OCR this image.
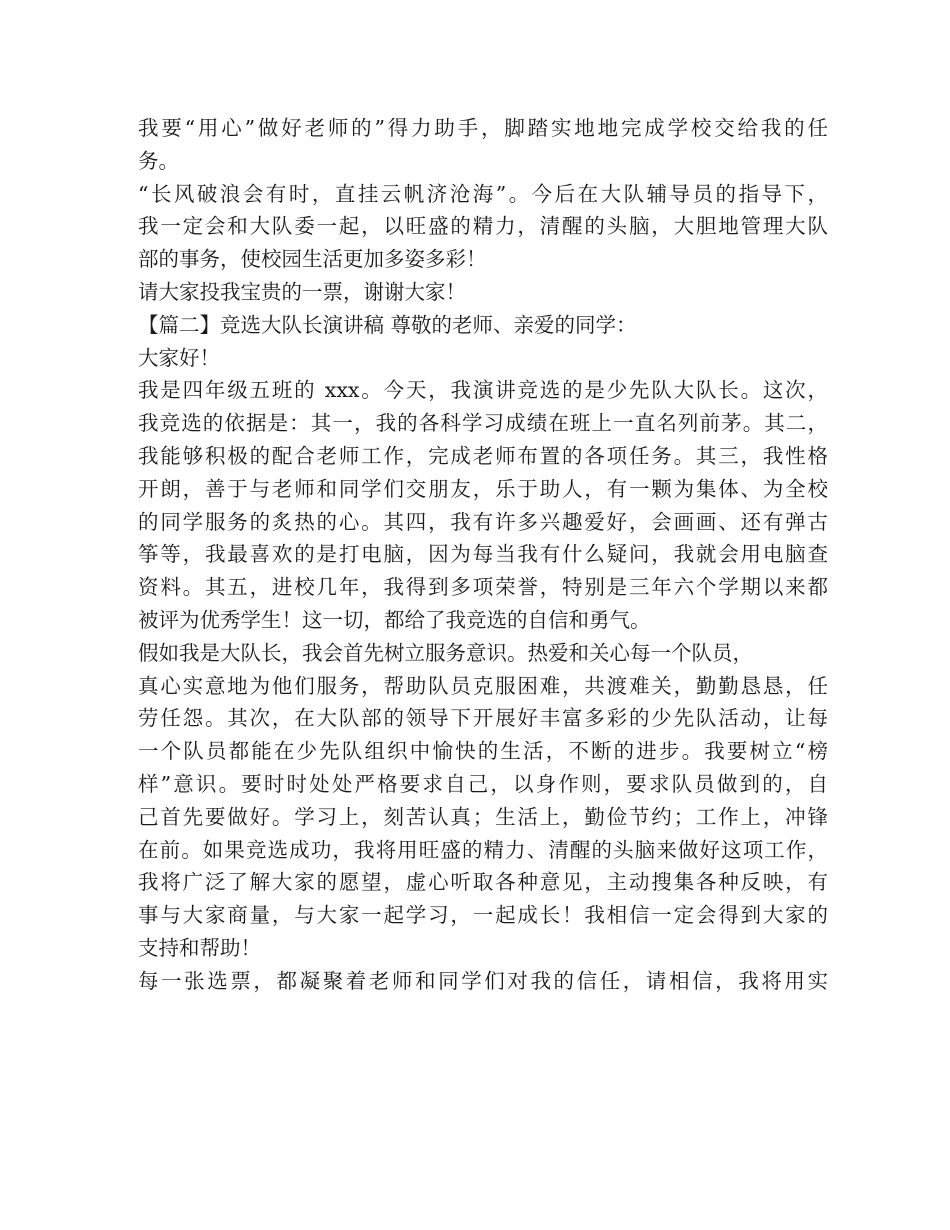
我要“用心”做好老师的”得力助手，脚踏实地地完成学校交给我的任
务。
“长风破浪会有时，直挂云帆济沧海”。今后在大队辅导员的指导下，
我一定会和大队委一起，以旺盛的精力，清醒的头脑，大胆地管理大队
部的事务，使校园生活更加多姿多彩！
请大家投我宝贵的一票，谢谢大家！
【篇二】竞选大队长演讲稿 尊敬的老师、亲爱的同学：
大家好！
我是四年级五班的 xxx。今天，我演讲竞选的是少先队大队长。这次，
我竞选的依据是：其一，我的各科学习成绩在班上一直名列前茅。其二，
我能够积极的配合老师工作，完成老师布置的各项任务。其三，我性格
开朗，善于与老师和同学们交朋友，乐于助人，有一颗为集体、为全校
的同学服务的炙热的心。其四，我有许多兴趣爱好，会画画、还有弹古
筝等，我最喜欢的是打电脑，因为每当我有什么疑问，我就会用电脑查
资料。其五，进校几年，我得到多项荣誉，特别是三年六个学期以来都
被评为优秀学生！这一切，都给了我竞选的自信和勇气。
假如我是大队长，我会首先树立服务意识。热爱和关心每一个队员，
真心实意地为他们服务，帮助队员克服困难，共渡难关，勤勤恳恳，任
劳任怨。其次，在大队部的领导下开展好丰富多彩的少先队活动，让每
一个队员都能在少先队组织中愉快的生活，不断的进步。我要树立“榜
样”意识。要时时处处严格要求自己，以身作则，要求队员做到的，自
己首先要做好。学习上，刻苦认真；生活上，勤俭节约；工作上，冲锋
在前。如果竞选成功，我将用旺盛的精力、清醒的头脑来做好这项工作，
我将广泛了解大家的愿望，虚心听取各种意见，主动搜集各种反映，有
事与大家商量，与大家一起学习，一起成长！我相信一定会得到大家的
支持和帮助！
每一张选票，都凝聚着老师和同学们对我的信任，请相信，我将用实
